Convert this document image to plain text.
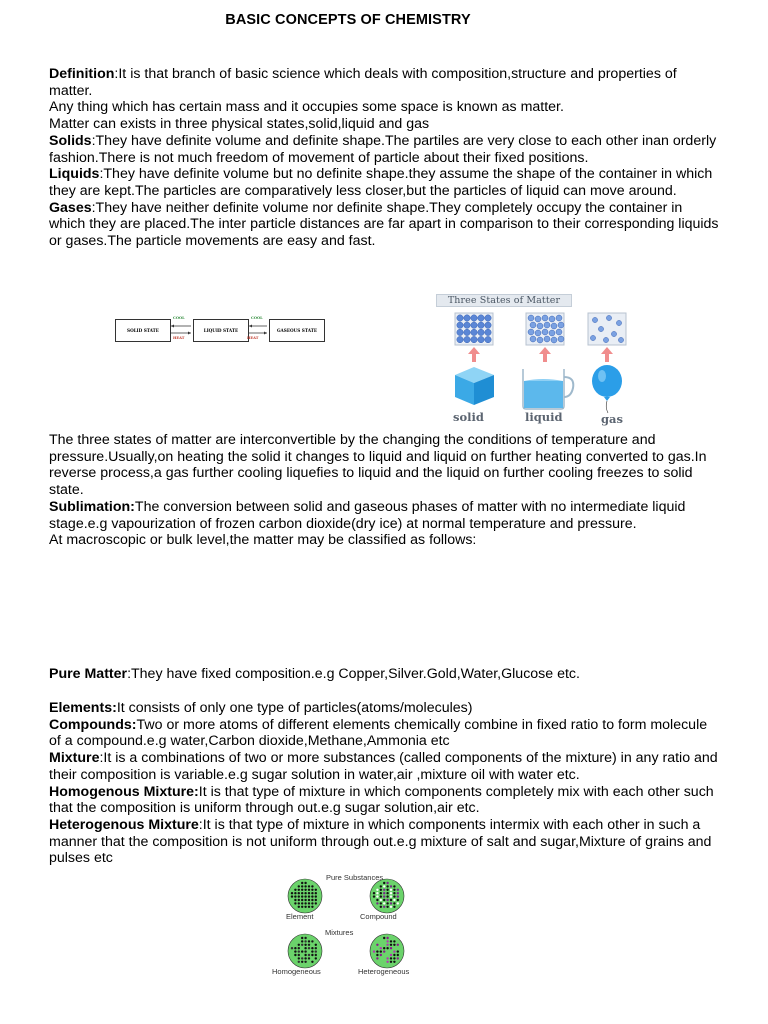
BASIC CONCEPTS OF CHEMISTRY

Definition:It is that branch of basic science which deals with composition,structure and properties of matter.

Any thing which has certain mass and it occupies some space is known as matter.

Matter can exists in three physical states,solid,liquid and gas

Solids:They have definite volume and definite shape.The partiles are very close to each other inan orderly fashion.There is not much freedom of movement of particle about their fixed positions.

Liquids:They have definite volume but no definite shape.they assume the shape of the container in which they are kept.The particles are comparatively less closer,but the particles of liquid can move around.

Gases:They have neither definite volume nor definite shape.They completely occupy the container in which they are placed.The inter particle distances are far apart in comparison to their corresponding liquids or gases.The particle movements are easy and fast.

SOLID STATE	LIQUID STATE	GASEOUS STATE
COOL
HEAT
COOL
HEAT
Three States of Matter
solid	liquid	gas

The three states of matter are interconvertible by the changing the conditions of temperature and pressure.Usually,on heating the solid it changes to liquid and liquid on further heating converted to gas.In reverse process,a gas further cooling liquefies to liquid and the liquid on further cooling freezes to solid state.

Sublimation:The conversion between solid and gaseous phases of matter with no intermediate liquid stage.e.g vapourization of frozen carbon dioxide(dry ice) at normal temperature and pressure.

At macroscopic or bulk level,the matter may be classified as follows:

Pure Matter:They have fixed composition.e.g Copper,Silver.Gold,Water,Glucose etc.

Elements:It consists of only one type of particles(atoms/molecules)

Compounds:Two or more atoms of different elements chemically combine in fixed ratio to form molecule of a compound.e.g water,Carbon dioxide,Methane,Ammonia etc

Mixture:It is a combinations of two or more substances (called components of the mixture) in any ratio and their composition is variable.e.g sugar solution in water,air ,mixture oil with water etc.

Homogenous Mixture:It is that type of mixture in which components completely mix with each other such that the composition is uniform through out.e.g sugar solution,air etc.

Heterogenous Mixture:It is that type of mixture in which components intermix with each other in such a manner that the composition is not uniform through out.e.g mixture of salt and sugar,Mixture of grains and pulses etc

Pure Substances
Element	Compound
Mixtures
Homogeneous	Heterogeneous
